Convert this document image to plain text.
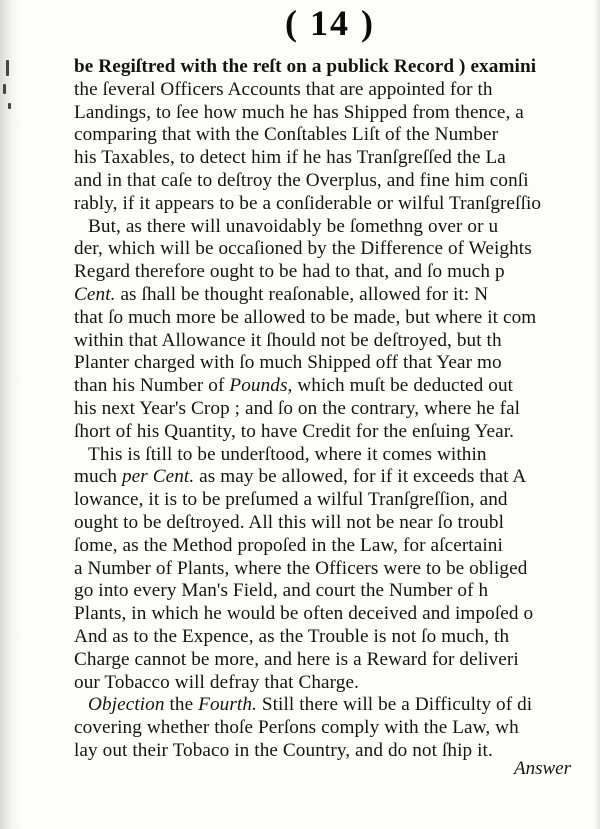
( 14 )
be Regiſtred with the reſt on a publick Record ) examini
the ſeveral Officers Accounts that are appointed for th
Landings, to ſee how much he has Shipped from thence, a
comparing that with the Conſtables Liſt of the Number
his Taxables, to detect him if he has Tranſgreſſed the La
and in that caſe to deſtroy the Overplus, and fine him conſi
rably, if it appears to be a conſiderable or wilful Tranſgreſſio
But, as there will unavoidably be ſomethng over or u
der, which will be occaſioned by the Difference of Weights
Regard therefore ought to be had to that, and ſo much p
Cent. as ſhall be thought reaſonable, allowed for it: N
that ſo much more be allowed to be made, but where it com
within that Allowance it ſhould not be deſtroyed, but th
Planter charged with ſo much Shipped off that Year mo
than his Number of Pounds, which muſt be deducted out
his next Year's Crop ; and ſo on the contrary, where he fal
ſhort of his Quantity, to have Credit for the enſuing Year.
This is ſtill to be underſtood, where it comes within
much per Cent. as may be allowed, for if it exceeds that A
lowance, it is to be preſumed a wilful Tranſgreſſion, and
ought to be deſtroyed. All this will not be near ſo troubl
ſome, as the Method propoſed in the Law, for aſcertaini
a Number of Plants, where the Officers were to be obliged
go into every Man's Field, and court the Number of h
Plants, in which he would be often deceived and impoſed o
And as to the Expence, as the Trouble is not ſo much, th
Charge cannot be more, and here is a Reward for deliveri
our Tobacco will defray that Charge.
Objection the Fourth. Still there will be a Difficulty of di
covering whether thoſe Perſons comply with the Law, wh
lay out their Tobaco in the Country, and do not ſhip it.
Answer
